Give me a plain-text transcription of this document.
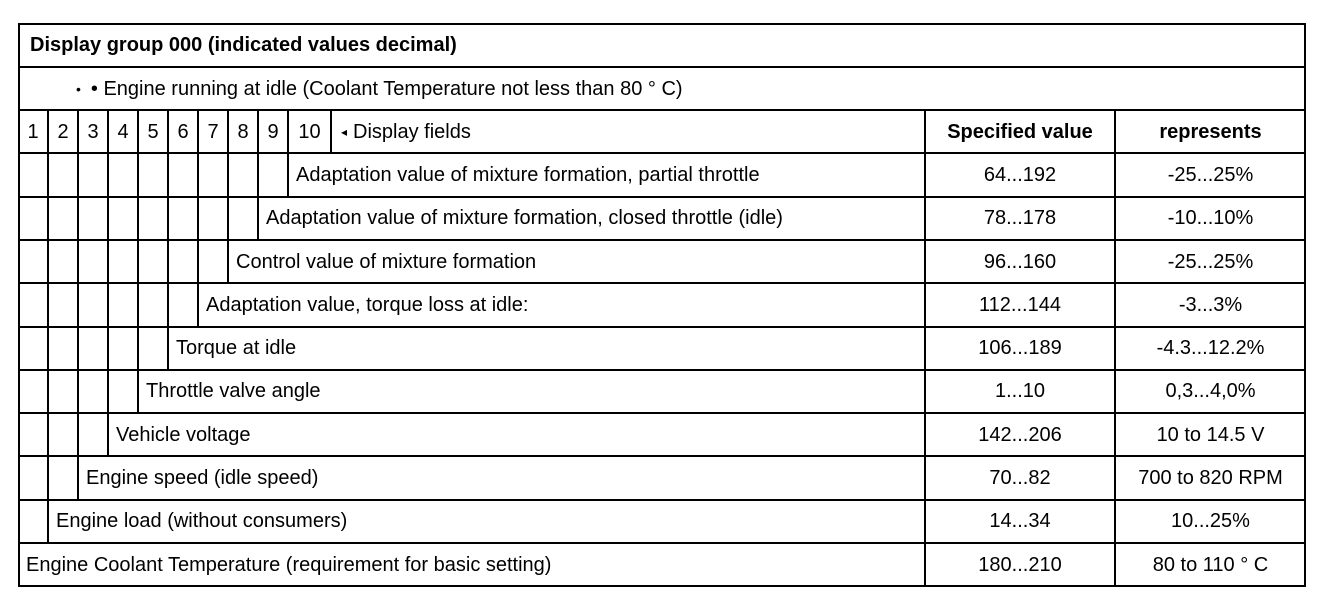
Display group 000 (indicated values decimal)
• • Engine running at idle (Coolant Temperature not less than 80 ° C)
1 2 3 4 5 6 7 8 9 10	◂ Display fields	Specified value	represents
Adaptation value of mixture formation, partial throttle	64...192	-25...25%
Adaptation value of mixture formation, closed throttle (idle)	78...178	-10...10%
Control value of mixture formation	96...160	-25...25%
Adaptation value, torque loss at idle:	112...144	-3...3%
Torque at idle	106...189	-4.3...12.2%
Throttle valve angle	1...10	0,3...4,0%
Vehicle voltage	142...206	10 to 14.5 V
Engine speed (idle speed)	70...82	700 to 820 RPM
Engine load (without consumers)	14...34	10...25%
Engine Coolant Temperature (requirement for basic setting)	180...210	80 to 110 ° C
